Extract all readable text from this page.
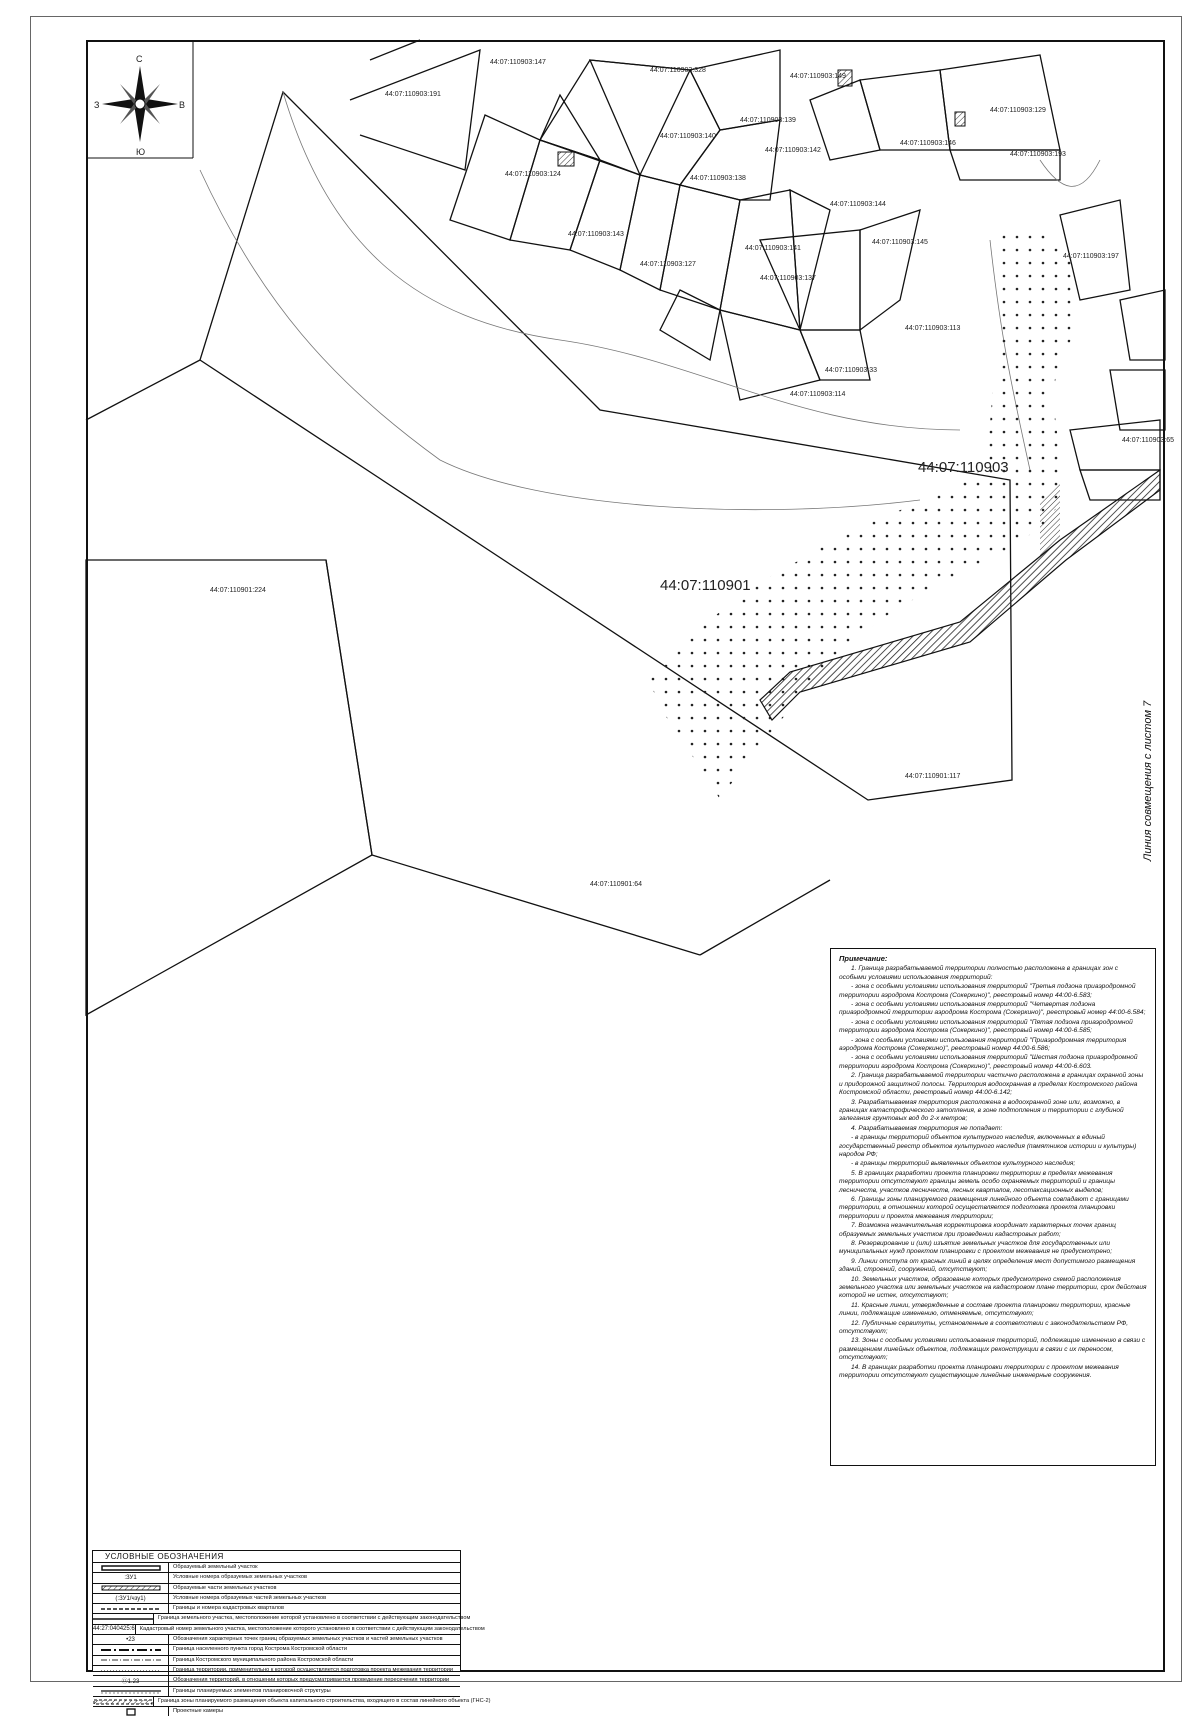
С
Ю
З	В
44:07:110903
44:07:110901
44:07:110903:147
44:07:110903:191
44:07:110903:328
44:07:110903:149
44:07:110903:140
44:07:110903:139
44:07:110903:124
44:07:110903:143
44:07:110903:138
44:07:110903:142
44:07:110903:144
44:07:110903:141
44:07:110903:137
44:07:110903:127
44:07:110903:114
44:07:110903:113
44:07:110903:33
44:07:110903:145
44:07:110903:146
44:07:110903:129
44:07:110903:193
44:07:110903:197
44:07:110903:65
44:07:110901:224
44:07:110901:117
44:07:110901:64
Линия совмещения с листом 7
Примечание:

1. Граница разрабатываемой территории полностью расположена в границах зон с особыми условиями использования территорий:

- зона с особыми условиями использования территорий "Третья подзона приаэродромной территории аэродрома Кострома (Сокеркино)", реестровый номер 44:00-6.583;

- зона с особыми условиями использования территорий "Четвертая подзона приаэродромной территории аэродрома Кострома (Сокеркино)", реестровый номер 44:00-6.584;

- зона с особыми условиями использования территорий "Пятая подзона приаэродромной территории аэродрома Кострома (Сокеркино)", реестровый номер 44:00-6.585;

- зона с особыми условиями использования территорий "Приаэродромная территория аэродрома Кострома (Сокеркино)", реестровый номер 44:00-6.586;

- зона с особыми условиями использования территорий "Шестая подзона приаэродромной территории аэродрома Кострома (Сокеркино)", реестровый номер 44:00-6.603.

2. Граница разрабатываемой территории частично расположена в границах охранной зоны и придорожной защитной полосы. Территория водоохранная в пределах Костромского района Костромской области, реестровый номер 44:00-6.142;

3. Разрабатываемая территория расположена в водоохранной зоне или, возможно, в границах катастрофического затопления, в зоне подтопления и территории с глубиной залегания грунтовых вод до 2-х метров;

4. Разрабатываемая территория не попадает:

- в границы территорий объектов культурного наследия, включенных в единый государственный реестр объектов культурного наследия (памятников истории и культуры) народов РФ;

- в границы территорий выявленных объектов культурного наследия;

5. В границах разработки проекта планировки территории в пределах межевания территории отсутствуют границы земель особо охраняемых территорий и границы лесничеств, участков лесничеств, лесных кварталов, лесотаксационных выделов;

6. Границы зоны планируемого размещения линейного объекта совпадают с границами территории, в отношении которой осуществляется подготовка проекта планировки территории и проекта межевания территории;

7. Возможна незначительная корректировка координат характерных точек границ образуемых земельных участков при проведении кадастровых работ;

8. Резервирование и (или) изъятие земельных участков для государственных или муниципальных нужд проектом планировки с проектом межевания не предусмотрено;

9. Линии отступа от красных линий в целях определения мест допустимого размещения зданий, строений, сооружений, отсутствуют;

10. Земельных участков, образование которых предусмотрено схемой расположения земельного участка или земельных участков на кадастровом плане территории, срок действия которой не истек, отсутствуют;

11. Красные линии, утвержденные в составе проекта планировки территории, красные линии, подлежащие изменению, отменяемые, отсутствуют;

12. Публичные сервитуты, установленные в соответствии с законодательством РФ, отсутствуют;

13. Зоны с особыми условиями использования территорий, подлежащие изменению в связи с размещением линейных объектов, подлежащих реконструкции в связи с их переносом, отсутствуют;

14. В границах разработки проекта планировки территории с проектом межевания территории отсутствуют существующие линейные инженерные сооружения.

УСЛОВНЫЕ ОБОЗНАЧЕНИЯ
Образуемый земельный участок
:ЗУ1	Условные номера образуемых земельных участков
Образуемые части земельных участков
(:ЗУ1/чзу1)	Условные номера образуемых частей земельных участков
Границы и номера кадастровых кварталов
Граница земельного участка, местоположение которой установлено в соответствии с действующим законодательством
44:27:040425:6 Кадастровый номер земельного участка, местоположение которого установлено в соответствии с действующим законодательством
•23	Обозначения характерных точек границ образуемых земельных участков и частей земельных участков
Граница населенного пункта город Кострома Костромской области
Граница Костромского муниципального района Костромской области
Граница территории, применительно к которой осуществляется подготовка проекта межевания территории
Ⓞ1.23	Обозначения территорий, в отношении которых предусматривается проведение пересечения территории
Границы планируемых элементов планировочной структуры
Граница зоны планируемого размещения объекта капитального строительства, входящего в состав линейного объекта (ГНС-2)
Проектные камеры
